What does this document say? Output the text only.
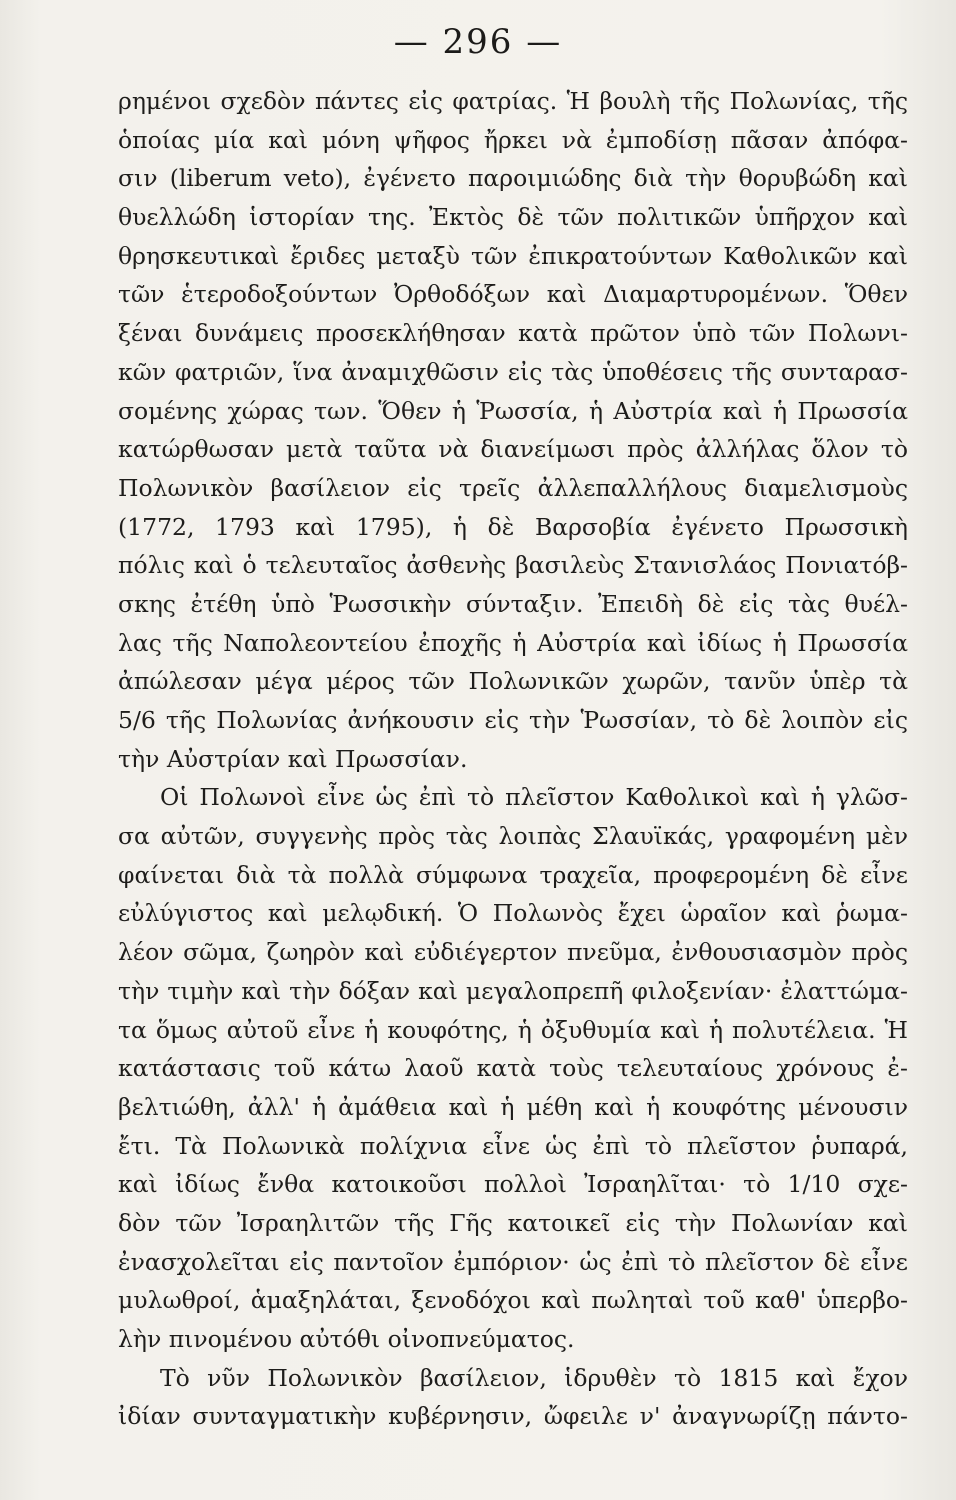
— 296 —
ρημένοι σχεδὸν πάντες εἰς φατρίας. Ἡ βουλὴ τῆς Πολωνίας, τῆς
ὁποίας μία καὶ μόνη ψῆφος ἤρκει νὰ ἐμποδίσῃ πᾶσαν ἀπόφα-
σιν (liberum veto), ἐγένετο παροιμιώδης διὰ τὴν θορυβώδη καὶ
θυελλώδη ἱστορίαν της. Ἐκτὸς δὲ τῶν πολιτικῶν ὑπῆρχον καὶ
θρησκευτικαὶ ἔριδες μεταξὺ τῶν ἐπικρατούντων Καθολικῶν καὶ
τῶν ἑτεροδοξούντων Ὀρθοδόξων καὶ Διαμαρτυρομένων. Ὅθεν
ξέναι δυνάμεις προσεκλήθησαν κατὰ πρῶτον ὑπὸ τῶν Πολωνι-
κῶν φατριῶν, ἵνα ἀναμιχθῶσιν εἰς τὰς ὑποθέσεις τῆς συνταρασ-
σομένης χώρας των. Ὅθεν ἡ Ῥωσσία, ἡ Αὐστρία καὶ ἡ Πρωσσία
κατώρθωσαν μετὰ ταῦτα νὰ διανείμωσι πρὸς ἀλλήλας ὅλον τὸ
Πολωνικὸν βασίλειον εἰς τρεῖς ἀλλεπαλλήλους διαμελισμοὺς
(1772, 1793 καὶ 1795), ἡ δὲ Βαρσοβία ἐγένετο Πρωσσικὴ
πόλις καὶ ὁ τελευταῖος ἀσθενὴς βασιλεὺς Στανισλάος Πονιατόβ-
σκης ἐτέθη ὑπὸ Ῥωσσικὴν σύνταξιν. Ἐπειδὴ δὲ εἰς τὰς θυέλ-
λας τῆς Ναπολεοντείου ἐποχῆς ἡ Αὐστρία καὶ ἰδίως ἡ Πρωσσία
ἀπώλεσαν μέγα μέρος τῶν Πολωνικῶν χωρῶν, τανῦν ὑπὲρ τὰ
5/6 τῆς Πολωνίας ἀνήκουσιν εἰς τὴν Ῥωσσίαν, τὸ δὲ λοιπὸν εἰς
τὴν Αὐστρίαν καὶ Πρωσσίαν.
Οἱ Πολωνοὶ εἶνε ὡς ἐπὶ τὸ πλεῖστον Καθολικοὶ καὶ ἡ γλῶσ-
σα αὐτῶν, συγγενὴς πρὸς τὰς λοιπὰς Σλαυϊκάς, γραφομένη μὲν
φαίνεται διὰ τὰ πολλὰ σύμφωνα τραχεῖα, προφερομένη δὲ εἶνε
εὐλύγιστος καὶ μελῳδική. Ὁ Πολωνὸς ἔχει ὡραῖον καὶ ῥωμα-
λέον σῶμα, ζωηρὸν καὶ εὐδιέγερτον πνεῦμα, ἐνθουσιασμὸν πρὸς
τὴν τιμὴν καὶ τὴν δόξαν καὶ μεγαλοπρεπῆ φιλοξενίαν· ἐλαττώμα-
τα ὅμως αὐτοῦ εἶνε ἡ κουφότης, ἡ ὀξυθυμία καὶ ἡ πολυτέλεια. Ἡ
κατάστασις τοῦ κάτω λαοῦ κατὰ τοὺς τελευταίους χρόνους ἐ-
βελτιώθη, ἀλλ' ἡ ἀμάθεια καὶ ἡ μέθη καὶ ἡ κουφότης μένουσιν
ἔτι. Τὰ Πολωνικὰ πολίχνια εἶνε ὡς ἐπὶ τὸ πλεῖστον ῥυπαρά,
καὶ ἰδίως ἔνθα κατοικοῦσι πολλοὶ Ἰσραηλῖται· τὸ 1/10 σχε-
δὸν τῶν Ἰσραηλιτῶν τῆς Γῆς κατοικεῖ εἰς τὴν Πολωνίαν καὶ
ἐνασχολεῖται εἰς παντοῖον ἐμπόριον· ὡς ἐπὶ τὸ πλεῖστον δὲ εἶνε
μυλωθροί, ἁμαξηλάται, ξενοδόχοι καὶ πωληταὶ τοῦ καθ' ὑπερβο-
λὴν πινομένου αὐτόθι οἰνοπνεύματος.
Τὸ νῦν Πολωνικὸν βασίλειον, ἱδρυθὲν τὸ 1815 καὶ ἔχον
ἰδίαν συνταγματικὴν κυβέρνησιν, ὤφειλε ν' ἀναγνωρίζῃ πάντο-
